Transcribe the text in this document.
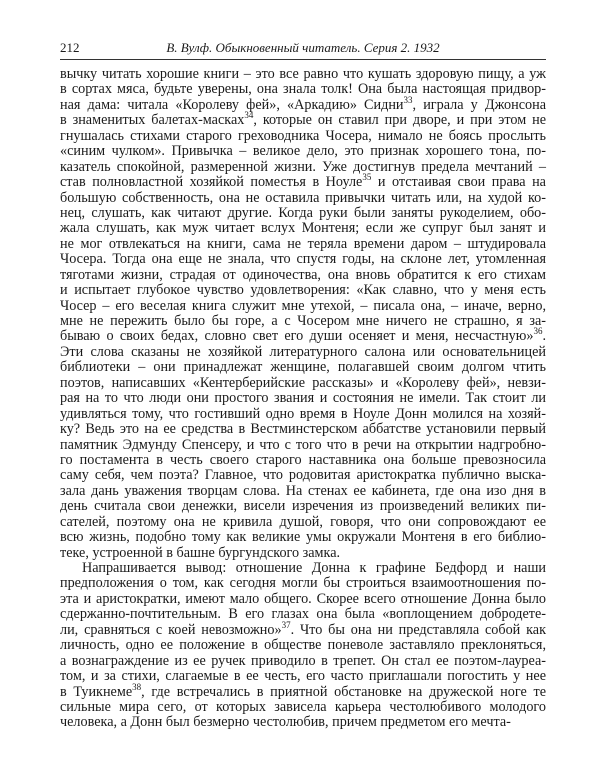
212	В. Вулф. Обыкновенный читатель. Серия 2. 1932
вычку читать хорошие книги – это все равно что кушать здоровую пищу, а уж
в сортах мяса, будьте уверены, она знала толк! Она была настоящая придвор-
ная дама: читала «Королеву фей», «Аркадию» Сидни$^{33}$, играла у Джонсона
в знаменитых балетах-масках$^{34}$, которые он ставил при дворе, и при этом не
гнушалась стихами старого греховодника Чосера, нимало не боясь прослыть
«синим чулком». Привычка – великое дело, это признак хорошего тона, по-
казатель спокойной, размеренной жизни. Уже достигнув предела мечтаний –
став полновластной хозяйкой поместья в Ноуле$^{35}$ и отстаивая свои права на
большую собственность, она не оставила привычки читать или, на худой ко-
нец, слушать, как читают другие. Когда руки были заняты рукоделием, обо-
жала слушать, как муж читает вслух Монтеня; если же супруг был занят и
не мог отвлекаться на книги, сама не теряла времени даром – штудировала
Чосера. Тогда она еще не знала, что спустя годы, на склоне лет, утомленная
тяготами жизни, страдая от одиночества, она вновь обратится к его стихам
и испытает глубокое чувство удовлетворения: «Как славно, что у меня есть
Чосер – его веселая книга служит мне утехой, – писала она, – иначе, верно,
мне не пережить было бы горе, а с Чосером мне ничего не страшно, я за-
бываю о своих бедах, словно свет его души осеняет и меня, несчастную»$^{36}$.
Эти слова сказаны не хозяйкой литературного салона или основательницей
библиотеки – они принадлежат женщине, полагавшей своим долгом чтить
поэтов, написавших «Кентерберийские рассказы» и «Королеву фей», невзи-
рая на то что люди они простого звания и состояния не имели. Так стоит ли
удивляться тому, что гостивший одно время в Ноуле Донн молился на хозяй-
ку? Ведь это на ее средства в Вестминстерском аббатстве установили первый
памятник Эдмунду Спенсеру, и что с того что в речи на открытии надгробно-
го постамента в честь своего старого наставника она больше превозносила
саму себя, чем поэта? Главное, что родовитая аристократка публично выска-
зала дань уважения творцам слова. На стенах ее кабинета, где она изо дня в
день считала свои денежки, висели изречения из произведений великих пи-
сателей, поэтому она не кривила душой, говоря, что они сопровождают ее
всю жизнь, подобно тому как великие умы окружали Монтеня в его библио-
теке, устроенной в башне бургундского замка.
Напрашивается вывод: отношение Донна к графине Бедфорд и наши
предположения о том, как сегодня могли бы строиться взаимоотношения по-
эта и аристократки, имеют мало общего. Скорее всего отношение Донна было
сдержанно-почтительным. В его глазах она была «воплощением добродете-
ли, сравняться с коей невозможно»$^{37}$. Что бы она ни представляла собой как
личность, одно ее положение в обществе поневоле заставляло преклоняться,
а вознаграждение из ее ручек приводило в трепет. Он стал ее поэтом-лауреа-
том, и за стихи, слагаемые в ее честь, его часто приглашали погостить у нее
в Туикнеме$^{38}$, где встречались в приятной обстановке на дружеской ноге те
сильные мира сего, от которых зависела карьера честолюбивого молодого
человека, а Донн был безмерно честолюбив, причем предметом его мечта-
